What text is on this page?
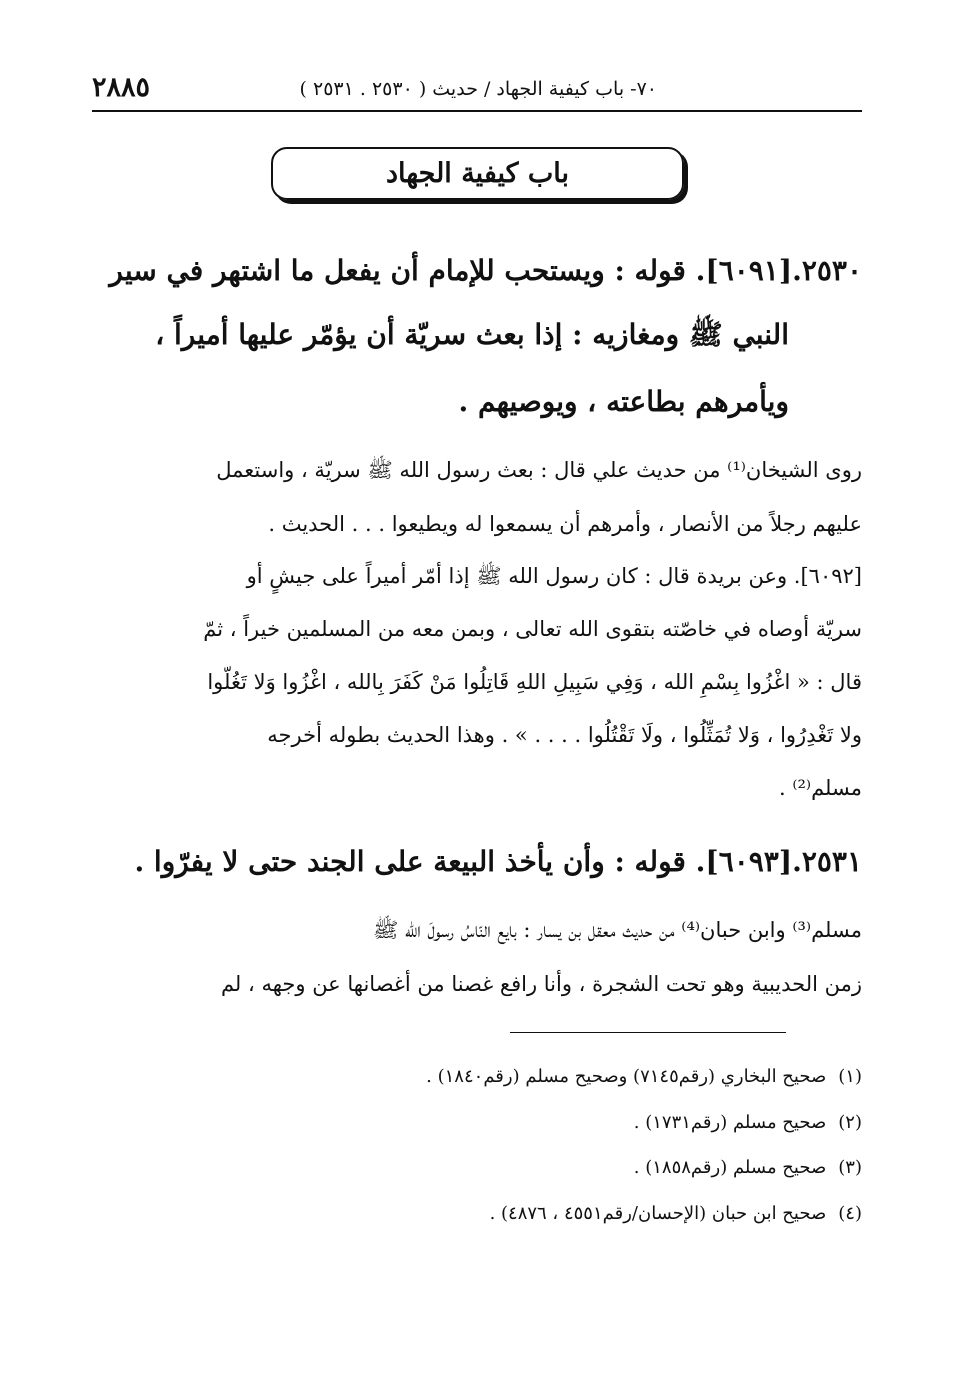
٢٨٨٥	٧٠- باب كيفية الجهاد / حديث ( ٢٥٣٠ . ٢٥٣١ )
باب كيفية الجهاد
٢٥٣٠.[٦٠٩١]. قوله : ويستحب للإمام أن يفعل ما اشتهر في سير
النبي ﷺ ومغازيه : إذا بعث سريّة أن يؤمّر عليها أميراً ،
ويأمرهم بطاعته ، ويوصيهم .
روى الشيخان⁽¹⁾ من حديث علي قال : بعث رسول الله ﷺ سريّة ، واستعمل
عليهم رجلاً من الأنصار ، وأمرهم أن يسمعوا له ويطيعوا . . . الحديث .
[٦٠٩٢]. وعن بريدة قال : كان رسول الله ﷺ إذا أمّر أميراً على جيشٍ أو
سريّة أوصاه في خاصّته بتقوى الله تعالى ، وبمن معه من المسلمين خيراً ، ثمّ
قال : « اغْزُوا بِسْمِ الله ، وَفِي سَبِيلِ اللهِ قَاتِلُوا مَنْ كَفَرَ بِالله ، اغْزُوا وَلا تَغُلّوا
ولا تَغْدِرُوا ، وَلا تُمَثِّلُوا ، ولَا تَقْتُلُوا . . . . » . وهذا الحديث بطوله أخرجه
مسلم⁽²⁾ .
٢٥٣١.[٦٠٩٣]. قوله : وأن يأخذ البيعة على الجند حتى لا يفرّوا .
مسلم⁽³⁾ وابن حبان⁽⁴⁾ من حديث معقل بن يسار : بايع النّاسُ رسولَ الله ﷺ
زمن الحديبية وهو تحت الشجرة ، وأنا رافع غصنا من أغصانها عن وجهه ، لم
(١)صحيح البخاري (رقم٧١٤٥) وصحيح مسلم (رقم١٨٤٠) .
(٢)صحيح مسلم (رقم١٧٣١) .
(٣)صحيح مسلم (رقم١٨٥٨) .
(٤)صحيح ابن حبان (الإحسان/رقم٤٥٥١ ، ٤٨٧٦) .
